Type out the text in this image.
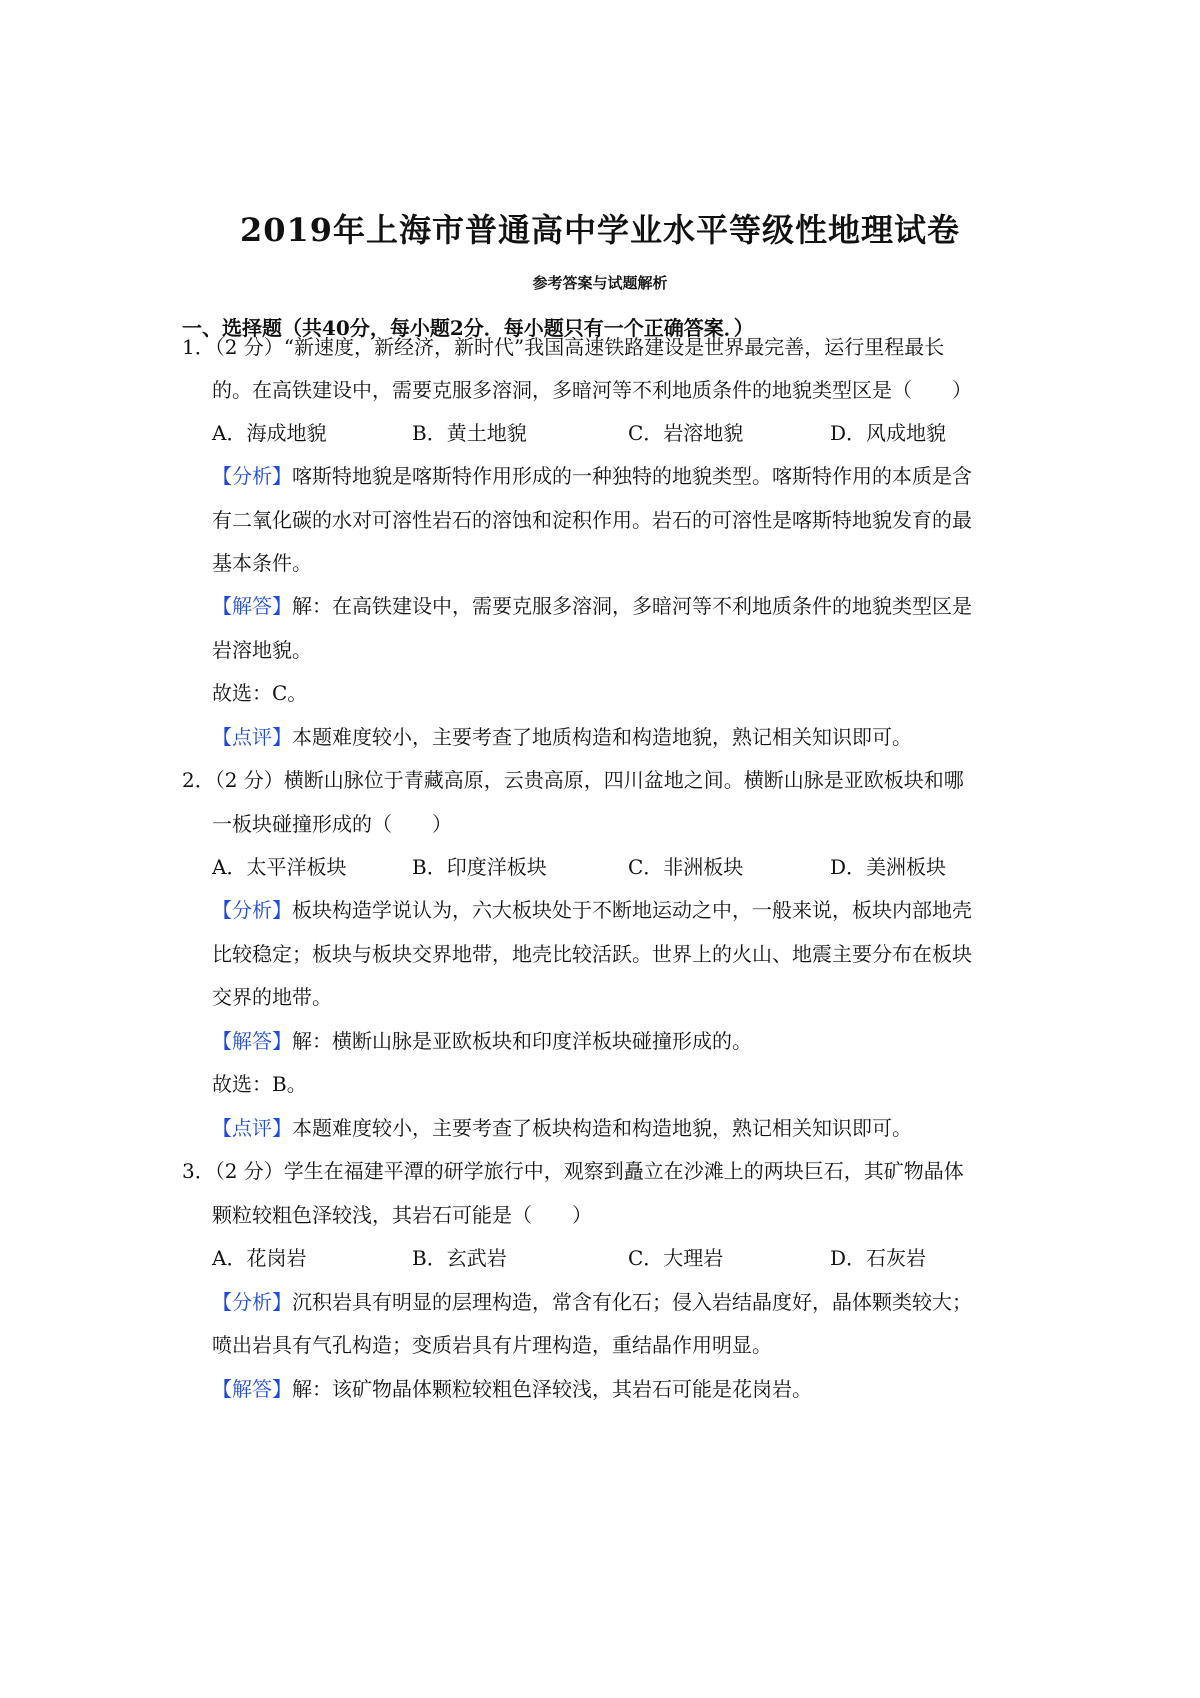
2019年上海市普通高中学业水平等级性地理试卷
参考答案与试题解析
一、选择题（共40分，每小题2分．每小题只有一个正确答案．）
1．（2 分）“新速度，新经济，新时代”我国高速铁路建设是世界最完善，运行里程最长
的。在高铁建设中，需要克服多溶洞，多暗河等不利地质条件的地貌类型区是（　　）
A．海成地貌	B．黄土地貌	C．岩溶地貌	D．风成地貌
【分析】喀斯特地貌是喀斯特作用形成的一种独特的地貌类型。喀斯特作用的本质是含
有二氧化碳的水对可溶性岩石的溶蚀和淀积作用。岩石的可溶性是喀斯特地貌发育的最
基本条件。
【解答】解：在高铁建设中，需要克服多溶洞，多暗河等不利地质条件的地貌类型区是
岩溶地貌。
故选：C。
【点评】本题难度较小，主要考查了地质构造和构造地貌，熟记相关知识即可。
2．（2 分）横断山脉位于青藏高原，云贵高原，四川盆地之间。横断山脉是亚欧板块和哪
一板块碰撞形成的（　　）
A．太平洋板块	B．印度洋板块	C．非洲板块	D．美洲板块
【分析】板块构造学说认为，六大板块处于不断地运动之中，一般来说，板块内部地壳
比较稳定；板块与板块交界地带，地壳比较活跃。世界上的火山、地震主要分布在板块
交界的地带。
【解答】解：横断山脉是亚欧板块和印度洋板块碰撞形成的。
故选：B。
【点评】本题难度较小，主要考查了板块构造和构造地貌，熟记相关知识即可。
3．（2 分）学生在福建平潭的研学旅行中，观察到矗立在沙滩上的两块巨石，其矿物晶体
颗粒较粗色泽较浅，其岩石可能是（　　）
A．花岗岩	B．玄武岩	C．大理岩	D．石灰岩
【分析】沉积岩具有明显的层理构造，常含有化石；侵入岩结晶度好，晶体颗类较大；
喷出岩具有气孔构造；变质岩具有片理构造，重结晶作用明显。
【解答】解：该矿物晶体颗粒较粗色泽较浅，其岩石可能是花岗岩。
